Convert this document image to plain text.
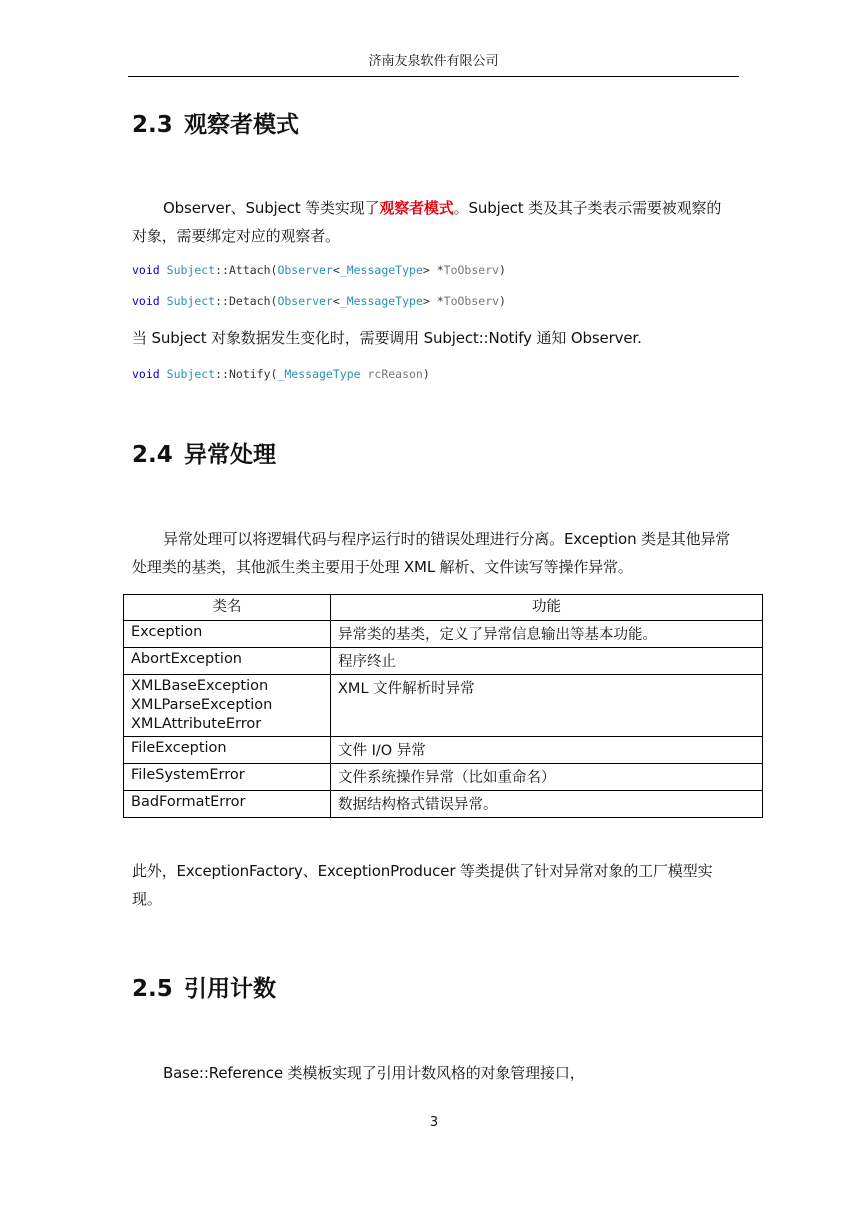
济南友泉软件有限公司
2.3 观察者模式

Observer、Subject 等类实现了观察者模式。Subject 类及其子类表示需要被观察的对象，需要绑定对应的观察者。

void Subject::Attach(Observer<_MessageType> *ToObserv)
void Subject::Detach(Observer<_MessageType> *ToObserv)

当 Subject 对象数据发生变化时，需要调用 Subject::Notify 通知 Observer.

void Subject::Notify(_MessageType rcReason)
2.4 异常处理

异常处理可以将逻辑代码与程序运行时的错误处理进行分离。Exception 类是其他异常处理类的基类，其他派生类主要用于处理 XML 解析、文件读写等操作异常。

类名	功能

Exception	异常类的基类，定义了异常信息输出等基本功能。

AbortException	程序终止

XMLBaseException
XMLParseException
XMLAttributeError	XML 文件解析时异常

FileException	文件 I/O 异常

FileSystemError	文件系统操作异常（比如重命名）

BadFormatError	数据结构格式错误异常。

此外，ExceptionFactory、ExceptionProducer 等类提供了针对异常对象的工厂模型实现。

2.5 引用计数

Base::Reference 类模板实现了引用计数风格的对象管理接口，

3
